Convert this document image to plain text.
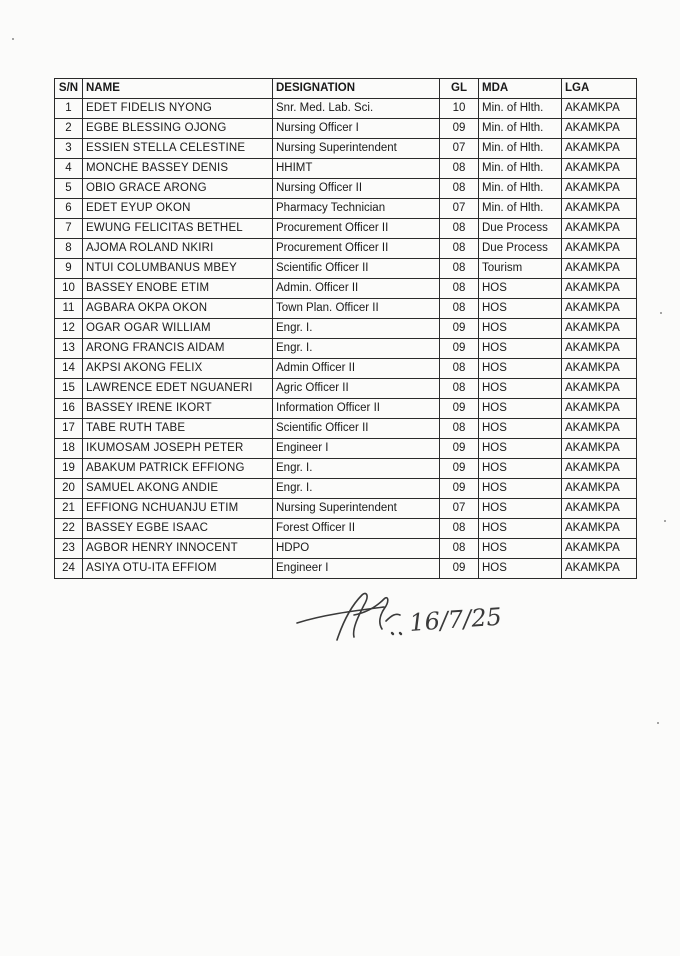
S/N	NAME	DESIGNATION	GL	MDA	LGA
1	EDET FIDELIS NYONG	Snr. Med. Lab. Sci.	10	Min. of Hlth.	AKAMKPA
2	EGBE BLESSING OJONG	Nursing Officer I	09	Min. of Hlth.	AKAMKPA
3	ESSIEN STELLA CELESTINE	Nursing Superintendent	07	Min. of Hlth.	AKAMKPA
4	MONCHE BASSEY DENIS	HHIMT	08	Min. of Hlth.	AKAMKPA
5	OBIO GRACE ARONG	Nursing Officer II	08	Min. of Hlth.	AKAMKPA
6	EDET EYUP OKON	Pharmacy Technician	07	Min. of Hlth.	AKAMKPA
7	EWUNG FELICITAS BETHEL	Procurement Officer II	08	Due Process	AKAMKPA
8	AJOMA ROLAND NKIRI	Procurement Officer II	08	Due Process	AKAMKPA
9	NTUI COLUMBANUS MBEY	Scientific Officer II	08	Tourism	AKAMKPA
10	BASSEY ENOBE ETIM	Admin. Officer II	08	HOS	AKAMKPA
11	AGBARA OKPA OKON	Town Plan. Officer II	08	HOS	AKAMKPA
12	OGAR OGAR WILLIAM	Engr. I.	09	HOS	AKAMKPA
13	ARONG FRANCIS AIDAM	Engr. I.	09	HOS	AKAMKPA
14	AKPSI AKONG FELIX	Admin Officer II	08	HOS	AKAMKPA
15	LAWRENCE EDET NGUANERI	Agric Officer II	08	HOS	AKAMKPA
16	BASSEY IRENE IKORT	Information Officer II	09	HOS	AKAMKPA
17	TABE RUTH TABE	Scientific Officer II	08	HOS	AKAMKPA
18	IKUMOSAM JOSEPH PETER	Engineer I	09	HOS	AKAMKPA
19	ABAKUM PATRICK EFFIONG	Engr. I.	09	HOS	AKAMKPA
20	SAMUEL AKONG ANDIE	Engr. I.	09	HOS	AKAMKPA
21	EFFIONG NCHUANJU ETIM	Nursing Superintendent	07	HOS	AKAMKPA
22	BASSEY EGBE ISAAC	Forest Officer II	08	HOS	AKAMKPA
23	AGBOR HENRY INNOCENT	HDPO	08	HOS	AKAMKPA
24	ASIYA OTU-ITA EFFIOM	Engineer I	09	HOS	AKAMKPA
16/7/25
